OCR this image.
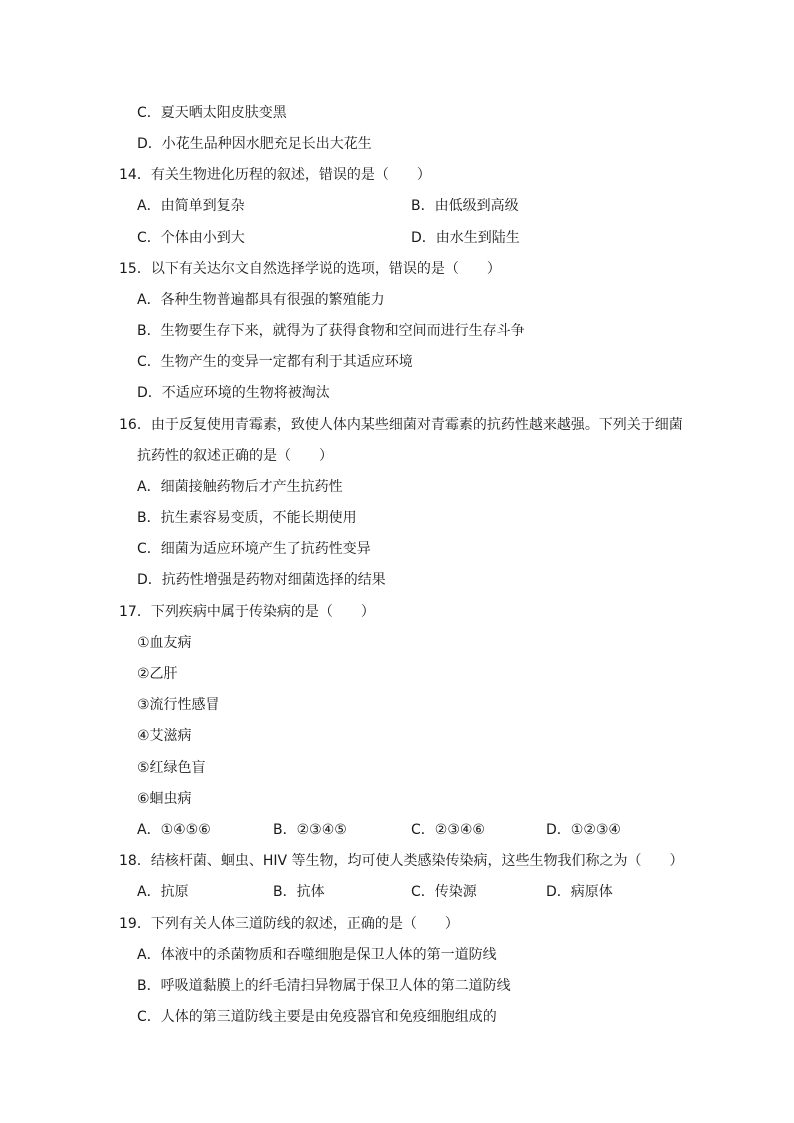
C．夏天晒太阳皮肤变黑
D．小花生品种因水肥充足长出大花生
14．有关生物进化历程的叙述，错误的是（　　）
A．由简单到复杂	B．由低级到高级
C．个体由小到大	D．由水生到陆生
15．以下有关达尔文自然选择学说的选项，错误的是（　　）
A．各种生物普遍都具有很强的繁殖能力
B．生物要生存下来，就得为了获得食物和空间而进行生存斗争
C．生物产生的变异一定都有利于其适应环境
D．不适应环境的生物将被淘汰
16．由于反复使用青霉素，致使人体内某些细菌对青霉素的抗药性越来越强。下列关于细菌
抗药性的叙述正确的是（　　）
A．细菌接触药物后才产生抗药性
B．抗生素容易变质，不能长期使用
C．细菌为适应环境产生了抗药性变异
D．抗药性增强是药物对细菌选择的结果
17．下列疾病中属于传染病的是（　　）
①血友病
②乙肝
③流行性感冒
④艾滋病
⑤红绿色盲
⑥蛔虫病
A．①④⑤⑥	B．②③④⑤	C．②③④⑥	D．①②③④
18．结核杆菌、蛔虫、HIV 等生物，均可使人类感染传染病，这些生物我们称之为（　　）
A．抗原	B．抗体	C．传染源	D．病原体
19．下列有关人体三道防线的叙述，正确的是（　　）
A．体液中的杀菌物质和吞噬细胞是保卫人体的第一道防线
B．呼吸道黏膜上的纤毛清扫异物属于保卫人体的第二道防线
C．人体的第三道防线主要是由免疫器官和免疫细胞组成的
